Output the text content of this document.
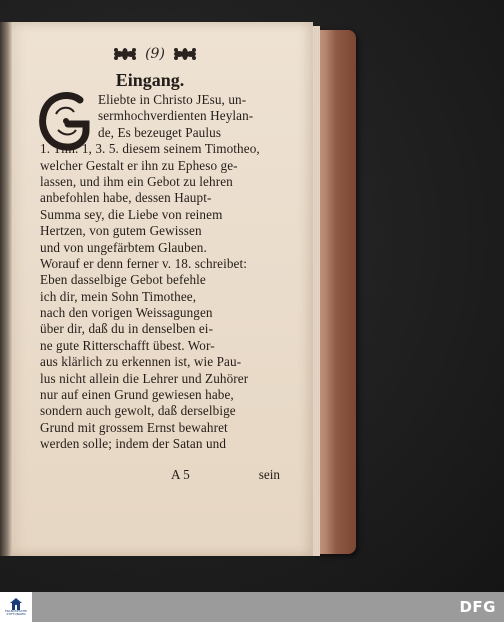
(9)
Eingang.
Eliebte in Christo JEsu, un-
sermhochverdienten Heylan-
de, Es bezeuget Paulus
1. Tim. 1, 3. 5. diesem seinem Timotheo,
welcher Gestalt er ihn zu Epheso ge-
lassen, und ihm ein Gebot zu lehren
anbefohlen habe, dessen Haupt-
Summa sey, die Liebe von reinem
Hertzen, von gutem Gewissen
und von ungefärbtem Glauben.
Worauf er denn ferner v. 18. schreibet:
Eben dasselbige Gebot befehle
ich dir, mein Sohn Timothee,
nach den vorigen Weissagungen
über dir, daß du in denselben ei-
ne gute Ritterschafft übest. Wor-
aus klärlich zu erkennen ist, wie Pau-
lus nicht allein die Lehrer und Zuhörer
nur auf einen Grund gewiesen habe,
sondern auch gewolt, daß derselbige
Grund mit grossem Ernst bewahret
werden solle; indem der Satan und
A 5	sein
FRANCKESCHE STIFTUNGEN	DFG
